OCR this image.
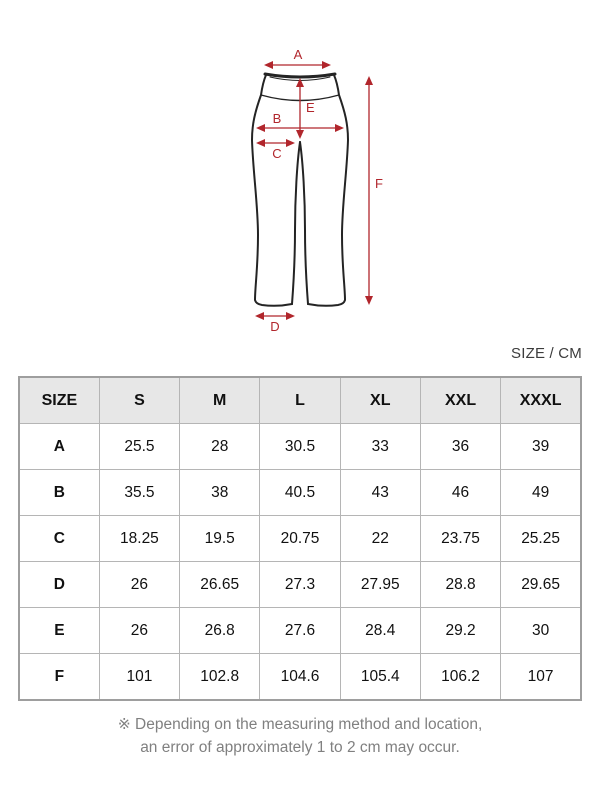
A
E
B
C
F
D
SIZE / CM
SIZE	S	M	L	XL	XXL	XXXL
A	25.5	28	30.5	33	36	39
B	35.5	38	40.5	43	46	49
C	18.25	19.5	20.75	22	23.75	25.25
D	26	26.65	27.3	27.95	28.8	29.65
E	26	26.8	27.6	28.4	29.2	30
F	101	102.8	104.6	105.4	106.2	107
※ Depending on the measuring method and location,
an error of approximately 1 to 2 cm may occur.
